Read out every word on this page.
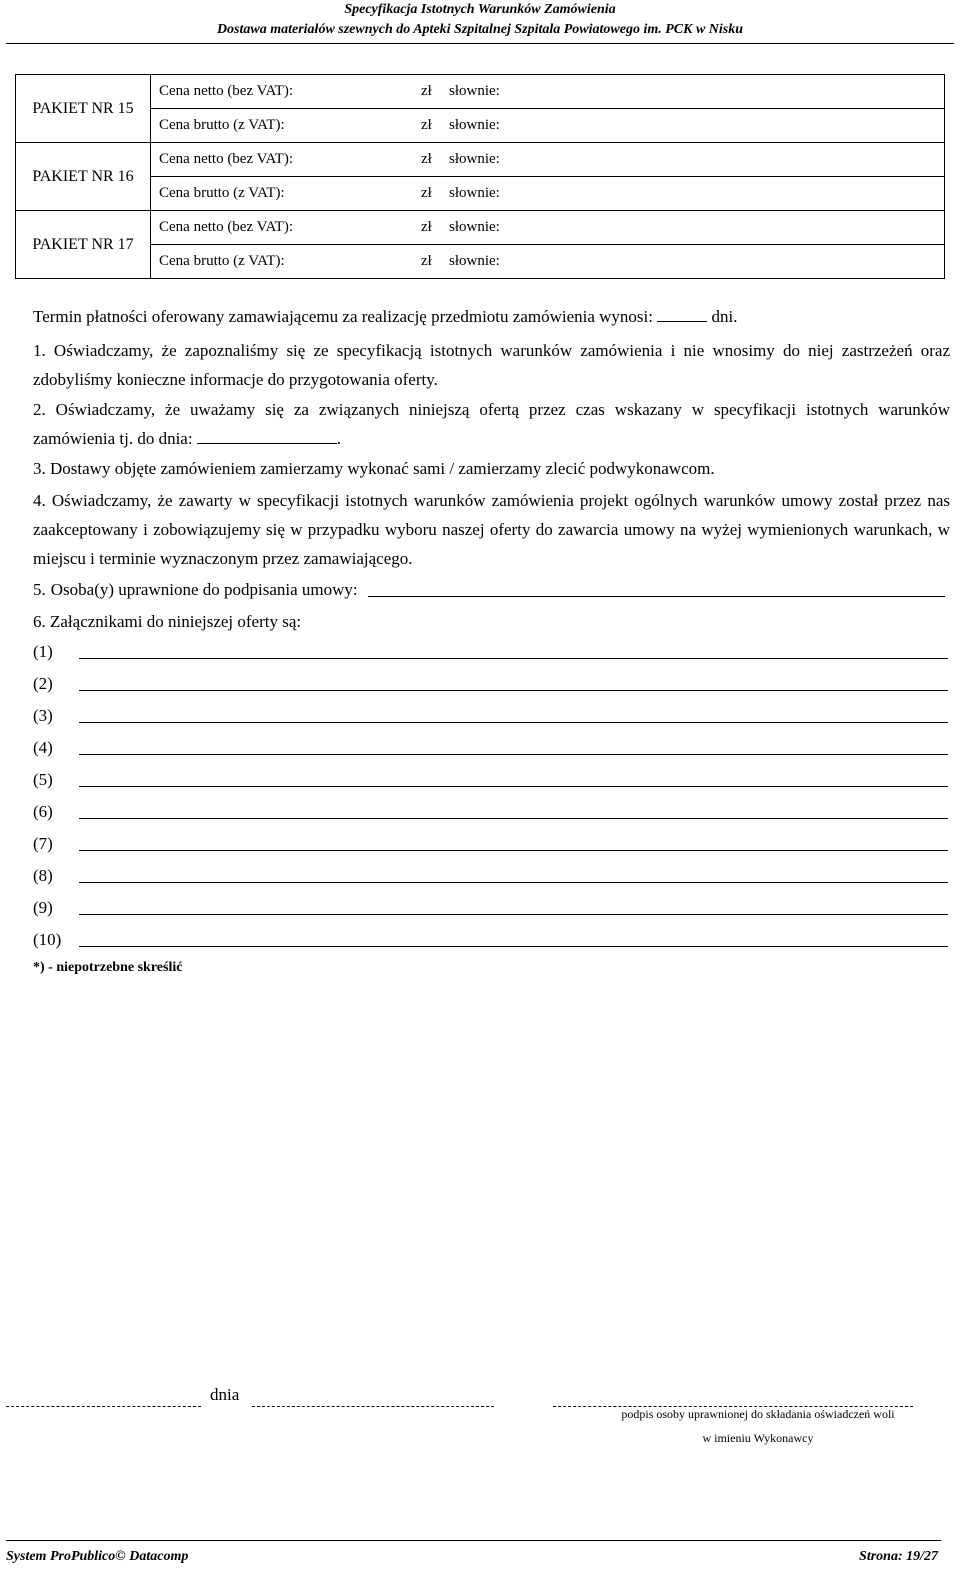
Specyfikacja Istotnych Warunków Zamówienia
Dostawa materiałów szewnych do Apteki Szpitalnej Szpitala Powiatowego im. PCK w Nisku
PAKIET NR 15	Cena netto (bez VAT):	zł	słownie:
	Cena brutto (z VAT):	zł	słownie:
PAKIET NR 16	Cena netto (bez VAT):	zł	słownie:
	Cena brutto (z VAT):	zł	słownie:
PAKIET NR 17	Cena netto (bez VAT):	zł	słownie:
	Cena brutto (z VAT):	zł	słownie:
Termin płatności oferowany zamawiającemu za realizację przedmiotu zamówienia wynosi:	dni.
1. Oświadczamy, że zapoznaliśmy się ze specyfikacją istotnych warunków zamówienia i nie wnosimy do niej zastrzeżeń oraz zdobyliśmy konieczne informacje do przygotowania oferty.
2. Oświadczamy, że uważamy się za związanych niniejszą ofertą przez czas wskazany w specyfikacji istotnych warunków zamówienia tj. do dnia:	.
3. Dostawy objęte zamówieniem zamierzamy wykonać sami / zamierzamy zlecić podwykonawcom.
4. Oświadczamy, że zawarty w specyfikacji istotnych warunków zamówienia projekt ogólnych warunków umowy został przez nas zaakceptowany i zobowiązujemy się w przypadku wyboru naszej oferty do zawarcia umowy na wyżej wymienionych warunkach, w miejscu i terminie wyznaczonym przez zamawiającego.
5. Osoba(y) uprawnione do podpisania umowy:
6. Załącznikami do niniejszej oferty są:
(1)
(2)
(3)
(4)
(5)
(6)
(7)
(8)
(9)
(10)
*) - niepotrzebne skreślić
dnia
podpis osoby uprawnionej do składania oświadczeń woli
w imieniu Wykonawcy
System ProPublico© Datacomp	Strona: 19/27
